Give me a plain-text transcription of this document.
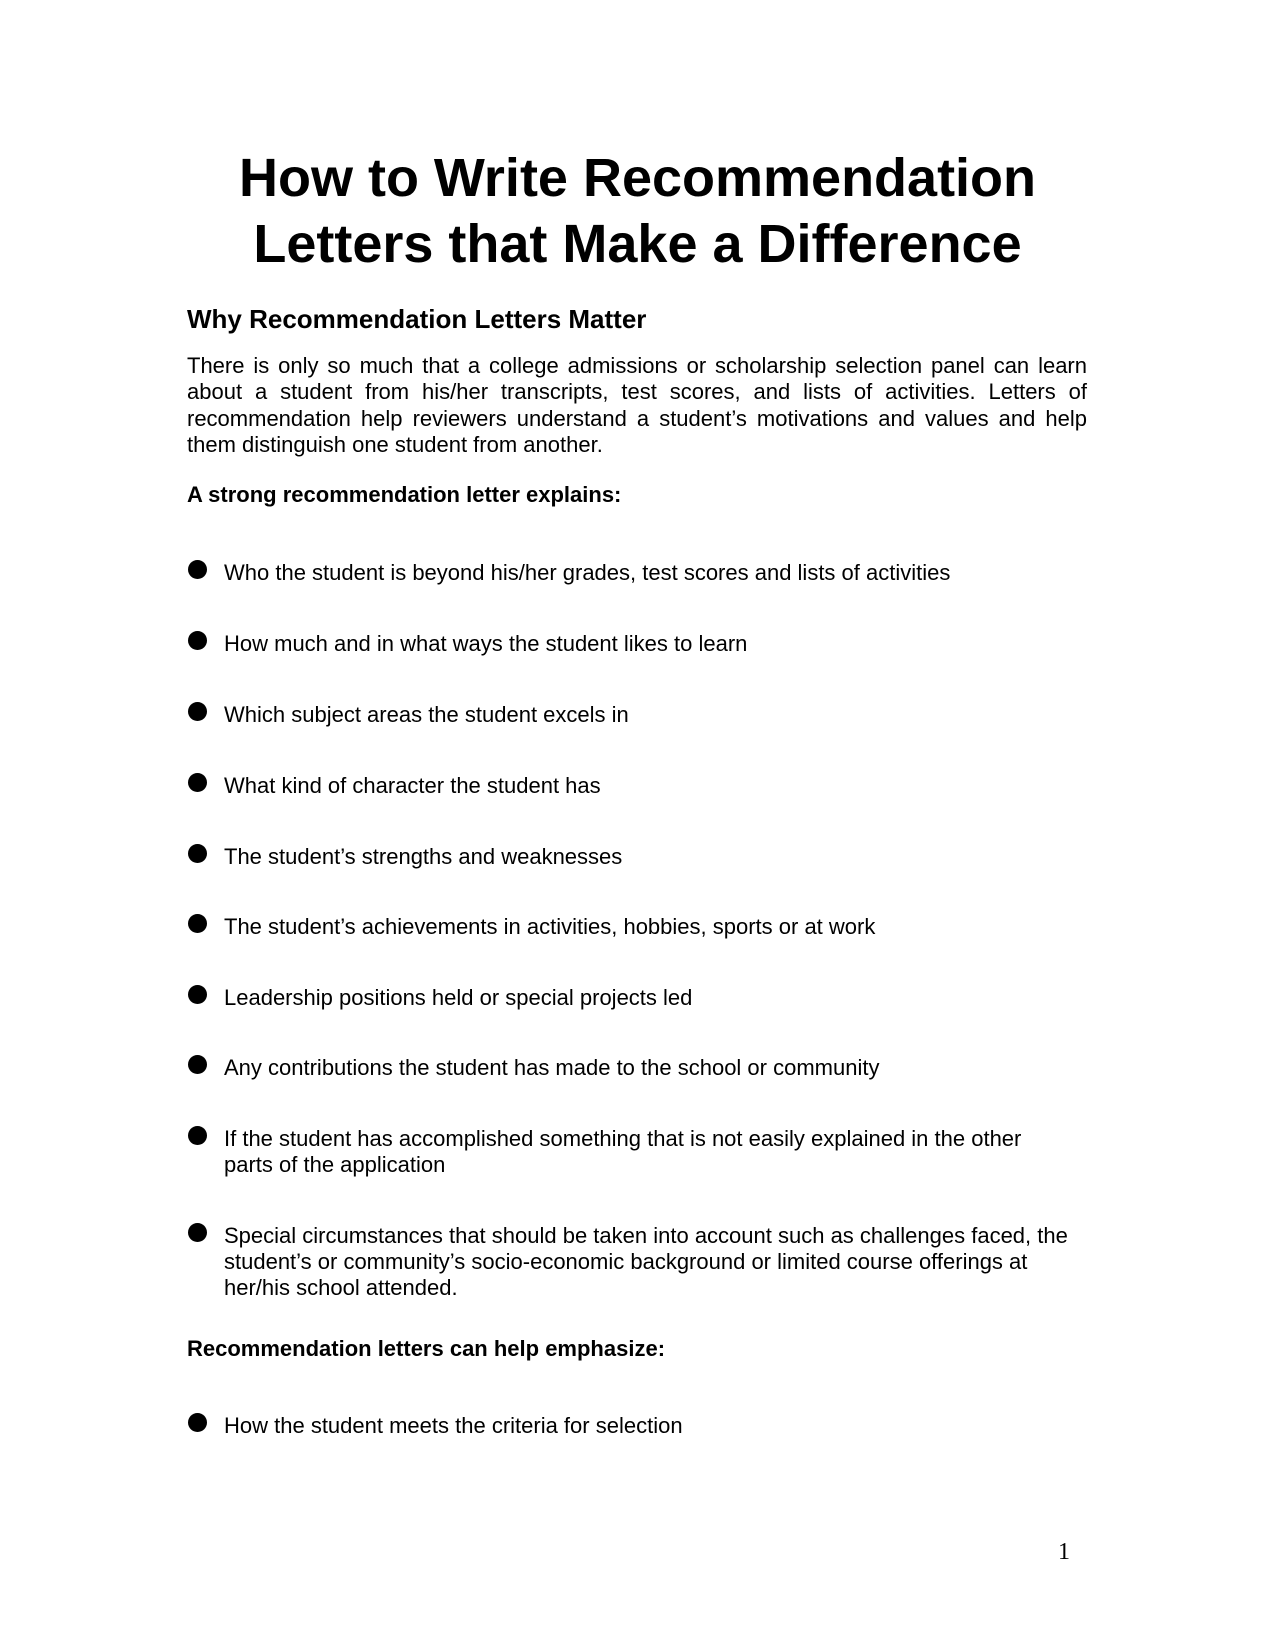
How to Write Recommendation
Letters that Make a Difference
Why Recommendation Letters Matter

There is only so much that a college admissions or scholarship selection panel can learn about a student from his/her transcripts, test scores, and lists of activities. Letters of recommendation help reviewers understand a student’s motivations and values and help them distinguish one student from another.

A strong recommendation letter explains:

Who the student is beyond his/her grades, test scores and lists of activities
How much and in what ways the student likes to learn
Which subject areas the student excels in
What kind of character the student has
The student’s strengths and weaknesses
The student’s achievements in activities, hobbies, sports or at work
Leadership positions held or special projects led
Any contributions the student has made to the school or community
If the student has accomplished something that is not easily explained in the other parts of the application
Special circumstances that should be taken into account such as challenges faced, the student’s or community’s socio-economic background or limited course offerings at her/his school attended.

Recommendation letters can help emphasize:

How the student meets the criteria for selection
1
